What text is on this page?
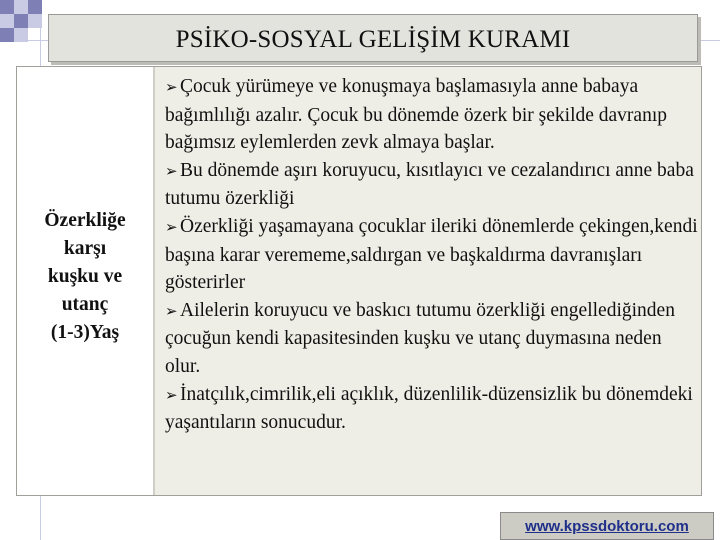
PSİKO-SOSYAL GELİŞİM KURAMI
Özerkliğe
karşı
kuşku ve
utanç
(1-3)Yaş

➢ Çocuk yürümeye ve konuşmaya başlamasıyla anne babaya bağımlılığı azalır. Çocuk bu dönemde özerk bir şekilde davranıp bağımsız eylemlerden zevk almaya başlar.

➢ Bu dönemde aşırı koruyucu, kısıtlayıcı ve cezalandırıcı anne baba tutumu özerkliği

➢ Özerkliği yaşamayana çocuklar ileriki dönemlerde çekingen,kendi başına karar verememe,saldırgan ve başkaldırma davranışları gösterirler

➢ Ailelerin koruyucu ve baskıcı tutumu özerkliği engellediğinden çocuğun kendi kapasitesinden kuşku ve utanç duymasına neden olur.

➢ İnatçılık,cimrilik,eli açıklık, düzenlilik-düzensizlik bu dönemdeki yaşantıların sonucudur.

www.kpssdoktoru.com
